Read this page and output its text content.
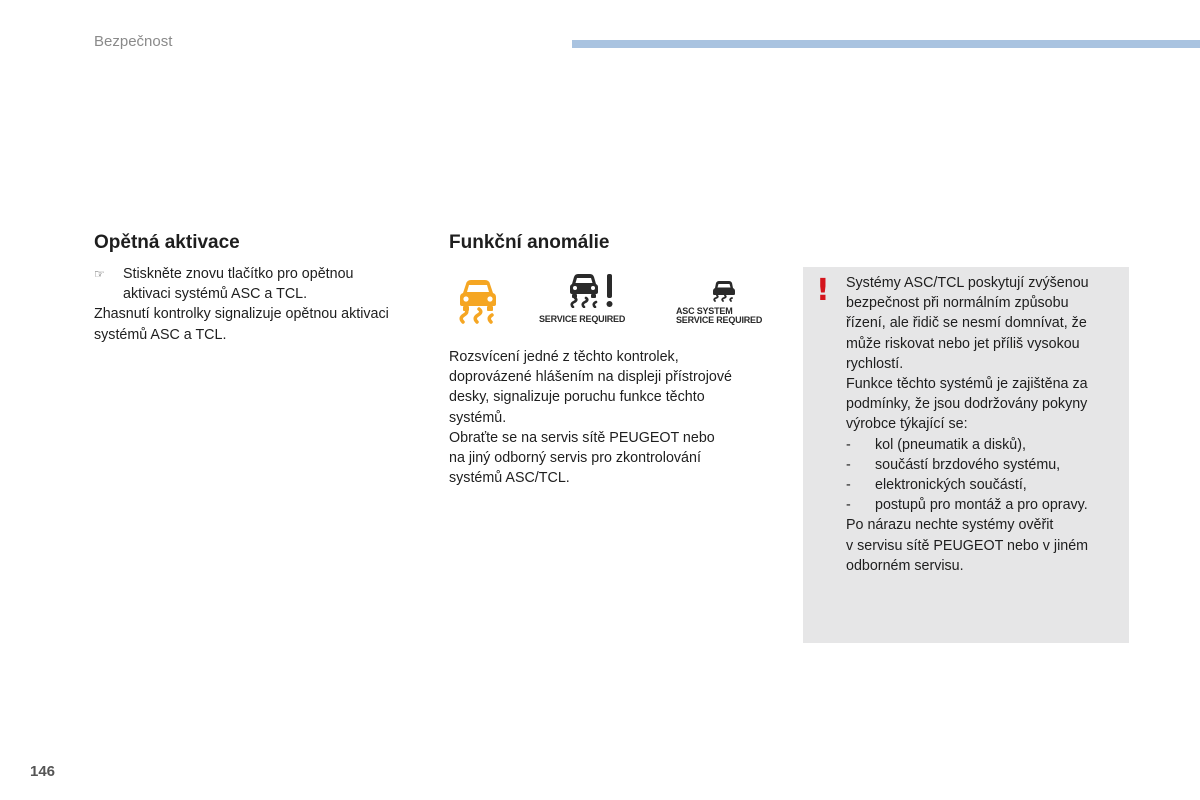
Bezpečnost
Opětná aktivace
☞	Stiskněte znovu tlačítko pro opětnou
aktivaci systémů ASC a TCL.
Zhasnutí kontrolky signalizuje opětnou aktivaci
systémů ASC a TCL.
Funkční anomálie
SERVICE REQUIRED
ASC SYSTEM
SERVICE REQUIRED
Rozsvícení jedné z těchto kontrolek,
doprovázené hlášením na displeji přístrojové
desky, signalizuje poruchu funkce těchto
systémů.
Obraťte se na servis sítě PEUGEOT nebo
na jiný odborný servis pro zkontrolování
systémů ASC/TCL.
! Systémy ASC/TCL poskytují zvýšenou
bezpečnost při normálním způsobu
řízení, ale řidič se nesmí domnívat, že
může riskovat nebo jet příliš vysokou
rychlostí.
Funkce těchto systémů je zajištěna za
podmínky, že jsou dodržovány pokyny
výrobce týkající se:
-	kol (pneumatik a disků),
-	součástí brzdového systému,
-	elektronických součástí,
-	postupů pro montáž a pro opravy.
Po nárazu nechte systémy ověřit
v servisu sítě PEUGEOT nebo v jiném
odborném servisu.
146
